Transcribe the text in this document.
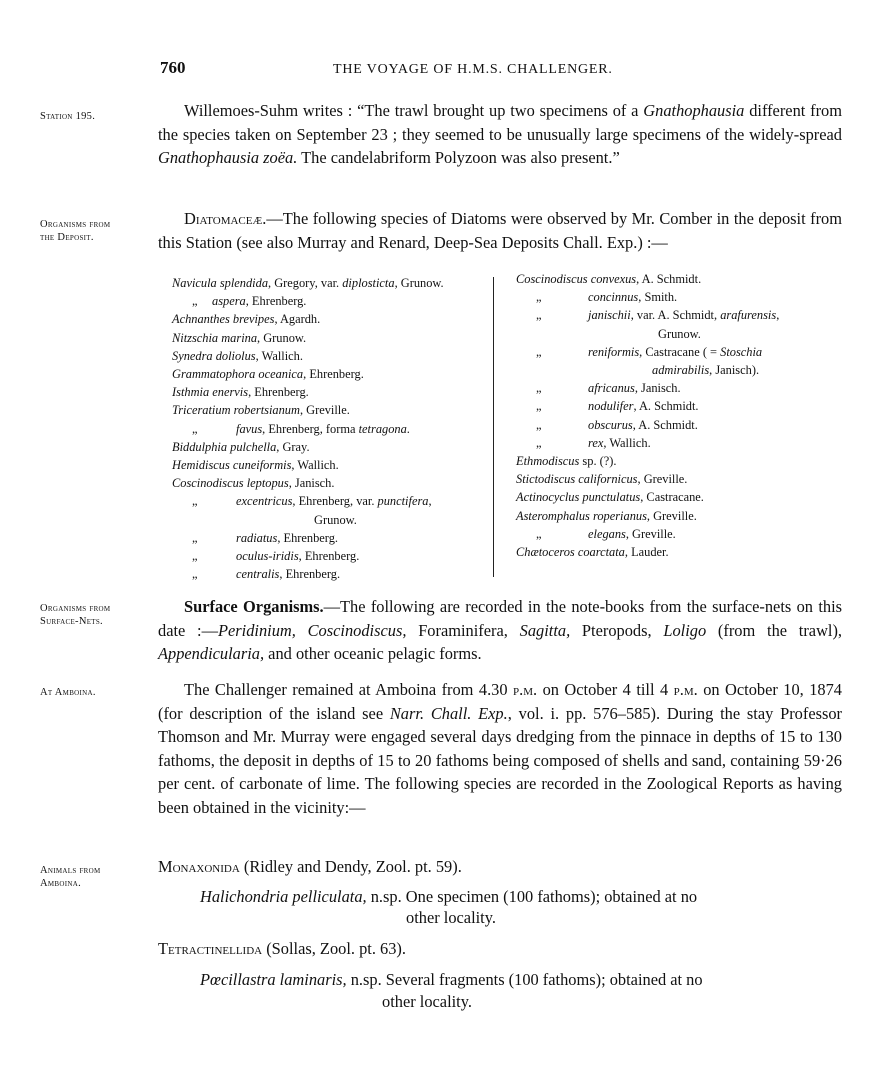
760	THE VOYAGE OF H.M.S. CHALLENGER.
Station 195.
Organisms from
the Deposit.
Organisms from
Surface-Nets.
At Amboina.
Animals from
Amboina.
Willemoes-Suhm writes : “The trawl brought up two specimens of a Gnathophausia different from the species taken on September 23 ; they seemed to be unusually large specimens of the widely-spread Gnathophausia zoëa. The candelabriform Polyzoon was also present.”
Diatomaceæ.—The following species of Diatoms were observed by Mr. Comber in the deposit from this Station (see also Murray and Renard, Deep-Sea Deposits Chall. Exp.) :—
Navicula splendida, Gregory, var. diplosticta, Grunow.
„ aspera, Ehrenberg.
Achnanthes brevipes, Agardh.
Nitzschia marina, Grunow.
Synedra doliolus, Wallich.
Grammatophora oceanica, Ehrenberg.
Isthmia enervis, Ehrenberg.
Triceratium robertsianum, Greville.
„	favus, Ehrenberg, forma tetragona.
Biddulphia pulchella, Gray.
Hemidiscus cuneiformis, Wallich.
Coscinodiscus leptopus, Janisch.
„	excentricus, Ehrenberg, var. punctifera,
Grunow.
„	radiatus, Ehrenberg.
„	oculus-iridis, Ehrenberg.
„	centralis, Ehrenberg.
Coscinodiscus convexus, A. Schmidt.
„	concinnus, Smith.
„	janischii, var. A. Schmidt, arafurensis,
Grunow.
„	reniformis, Castracane ( = Stoschia
admirabilis, Janisch).
„	africanus, Janisch.
„	nodulifer, A. Schmidt.
„	obscurus, A. Schmidt.
„	rex, Wallich.
Ethmodiscus sp. (?).
Stictodiscus californicus, Greville.
Actinocyclus punctulatus, Castracane.
Asteromphalus roperianus, Greville.
„	elegans, Greville.
Chætoceros coarctata, Lauder.
Surface Organisms.—The following are recorded in the note-books from the surface-nets on this date :—Peridinium, Coscinodiscus, Foraminifera, Sagitta, Pteropods, Loligo (from the trawl), Appendicularia, and other oceanic pelagic forms.
The Challenger remained at Amboina from 4.30 p.m. on October 4 till 4 p.m. on October 10, 1874 (for description of the island see Narr. Chall. Exp., vol. i. pp. 576–585). During the stay Professor Thomson and Mr. Murray were engaged several days dredging from the pinnace in depths of 15 to 130 fathoms, the deposit in depths of 15 to 20 fathoms being composed of shells and sand, containing 59·26 per cent. of carbonate of lime. The following species are recorded in the Zoological Reports as having been obtained in the vicinity:—
Monaxonida (Ridley and Dendy, Zool. pt. 59).
Halichondria pelliculata, n.sp. One specimen (100 fathoms); obtained at no
other locality.
Tetractinellida (Sollas, Zool. pt. 63).
Pœcillastra laminaris, n.sp. Several fragments (100 fathoms); obtained at no
other locality.
